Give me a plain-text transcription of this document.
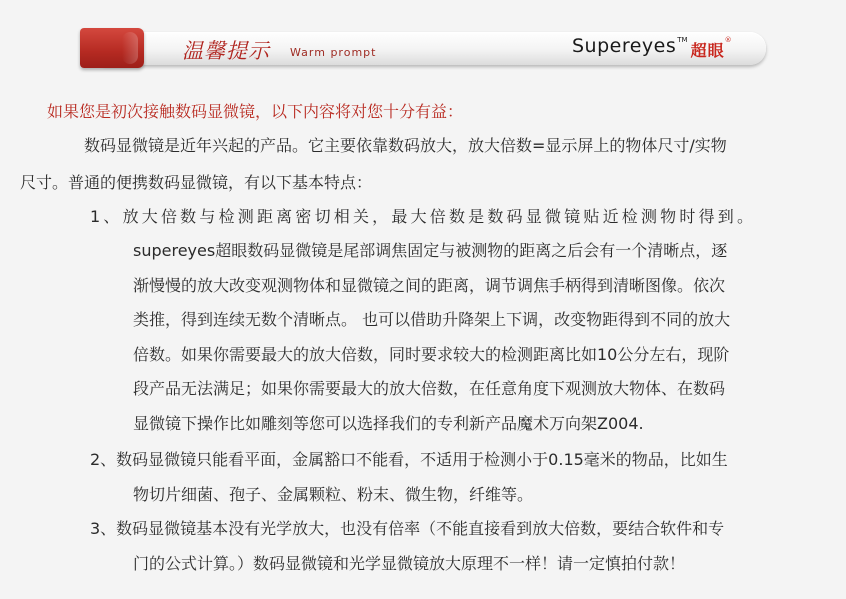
温馨提示 Warm prompt	Supereyes TM
超眼
®
如果您是初次接触数码显微镜，以下内容将对您十分有益：
数码显微镜是近年兴起的产品。它主要依靠数码放大，放大倍数=显示屏上的物体尺寸/实物
尺寸。普通的便携数码显微镜，有以下基本特点：
1、放大倍数与检测距离密切相关，最大倍数是数码显微镜贴近检测物时得到。
supereyes超眼数码显微镜是尾部调焦固定与被测物的距离之后会有一个清晰点，逐
渐慢慢的放大改变观测物体和显微镜之间的距离，调节调焦手柄得到清晰图像。依次
类推，得到连续无数个清晰点。 也可以借助升降架上下调，改变物距得到不同的放大
倍数。如果你需要最大的放大倍数，同时要求较大的检测距离比如10公分左右，现阶
段产品无法满足；如果你需要最大的放大倍数，在任意角度下观测放大物体、在数码
显微镜下操作比如雕刻等您可以选择我们的专利新产品魔术万向架Z004.
2、数码显微镜只能看平面，金属豁口不能看，不适用于检测小于0.15毫米的物品，比如生
物切片细菌、孢子、金属颗粒、粉末、微生物，纤维等。
3、数码显微镜基本没有光学放大，也没有倍率（不能直接看到放大倍数，要结合软件和专
门的公式计算。）数码显微镜和光学显微镜放大原理不一样！请一定慎拍付款！
